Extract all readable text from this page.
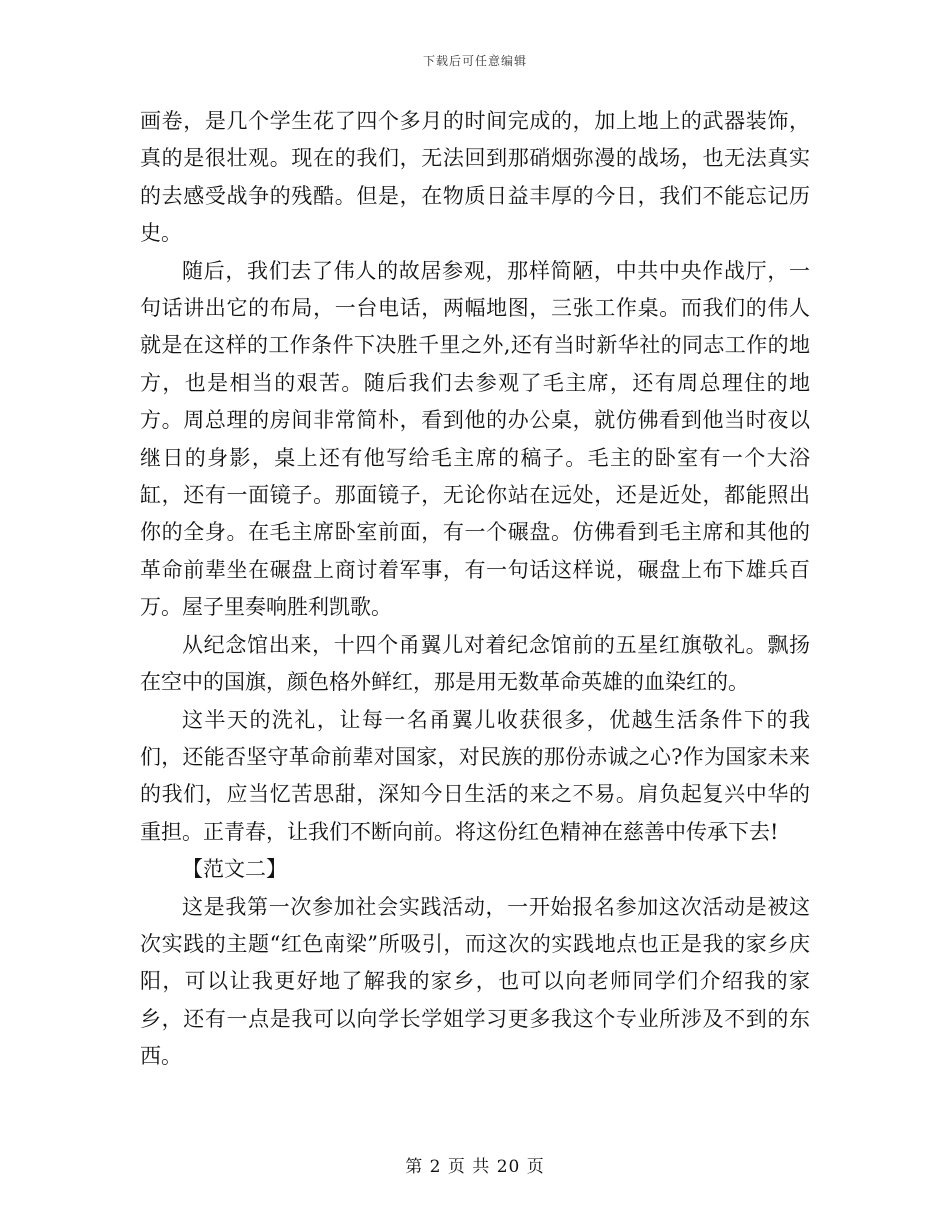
下载后可任意编辑

画卷，是几个学生花了四个多月的时间完成的，加上地上的武器装饰，真的是很壮观。现在的我们，无法回到那硝烟弥漫的战场，也无法真实的去感受战争的残酷。但是，在物质日益丰厚的今日，我们不能忘记历史。

随后，我们去了伟人的故居参观，那样简陋，中共中央作战厅，一句话讲出它的布局，一台电话，两幅地图，三张工作桌。而我们的伟人就是在这样的工作条件下决胜千里之外,还有当时新华社的同志工作的地方，也是相当的艰苦。随后我们去参观了毛主席，还有周总理住的地方。周总理的房间非常简朴，看到他的办公桌，就仿佛看到他当时夜以继日的身影，桌上还有他写给毛主席的稿子。毛主的卧室有一个大浴缸，还有一面镜子。那面镜子，无论你站在远处，还是近处，都能照出你的全身。在毛主席卧室前面，有一个碾盘。仿佛看到毛主席和其他的革命前辈坐在碾盘上商讨着军事，有一句话这样说，碾盘上布下雄兵百万。屋子里奏响胜利凯歌。

从纪念馆出来，十四个甬翼儿对着纪念馆前的五星红旗敬礼。飘扬在空中的国旗，颜色格外鲜红，那是用无数革命英雄的血染红的。

这半天的洗礼，让每一名甬翼儿收获很多，优越生活条件下的我们，还能否坚守革命前辈对国家，对民族的那份赤诚之心?作为国家未来的我们，应当忆苦思甜，深知今日生活的来之不易。肩负起复兴中华的重担。正青春，让我们不断向前。将这份红色精神在慈善中传承下去!

【范文二】

这是我第一次参加社会实践活动，一开始报名参加这次活动是被这次实践的主题“红色南梁”所吸引，而这次的实践地点也正是我的家乡庆阳，可以让我更好地了解我的家乡，也可以向老师同学们介绍我的家乡，还有一点是我可以向学长学姐学习更多我这个专业所涉及不到的东西。

第 2 页 共 20 页
